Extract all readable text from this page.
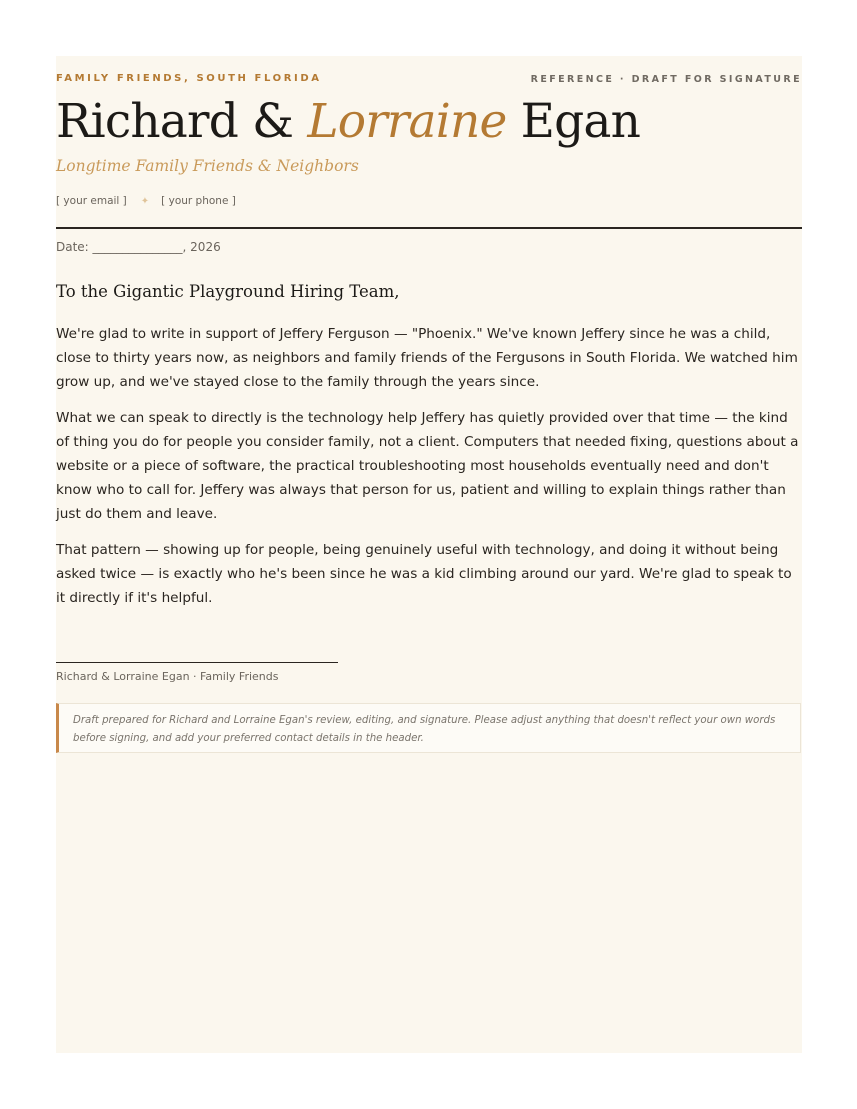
FAMILY FRIENDS, SOUTH FLORIDA	REFERENCE · DRAFT FOR SIGNATURE
Richard & Lorraine Egan
Longtime Family Friends & Neighbors
[ your email ] ✦ [ your phone ]
Date: _______________, 2026
To the Gigantic Playground Hiring Team,

We're glad to write in support of Jeffery Ferguson — "Phoenix." We've known Jeffery since he was a child, close to thirty years now, as neighbors and family friends of the Fergusons in South Florida. We watched him grow up, and we've stayed close to the family through the years since.

What we can speak to directly is the technology help Jeffery has quietly provided over that time — the kind of thing you do for people you consider family, not a client. Computers that needed fixing, questions about a website or a piece of software, the practical troubleshooting most households eventually need and don't know who to call for. Jeffery was always that person for us, patient and willing to explain things rather than just do them and leave.

That pattern — showing up for people, being genuinely useful with technology, and doing it without being asked twice — is exactly who he's been since he was a kid climbing around our yard. We're glad to speak to it directly if it's helpful.

Richard & Lorraine Egan · Family Friends

Draft prepared for Richard and Lorraine Egan's review, editing, and signature. Please adjust anything that doesn't reflect your own words before signing, and add your preferred contact details in the header.
